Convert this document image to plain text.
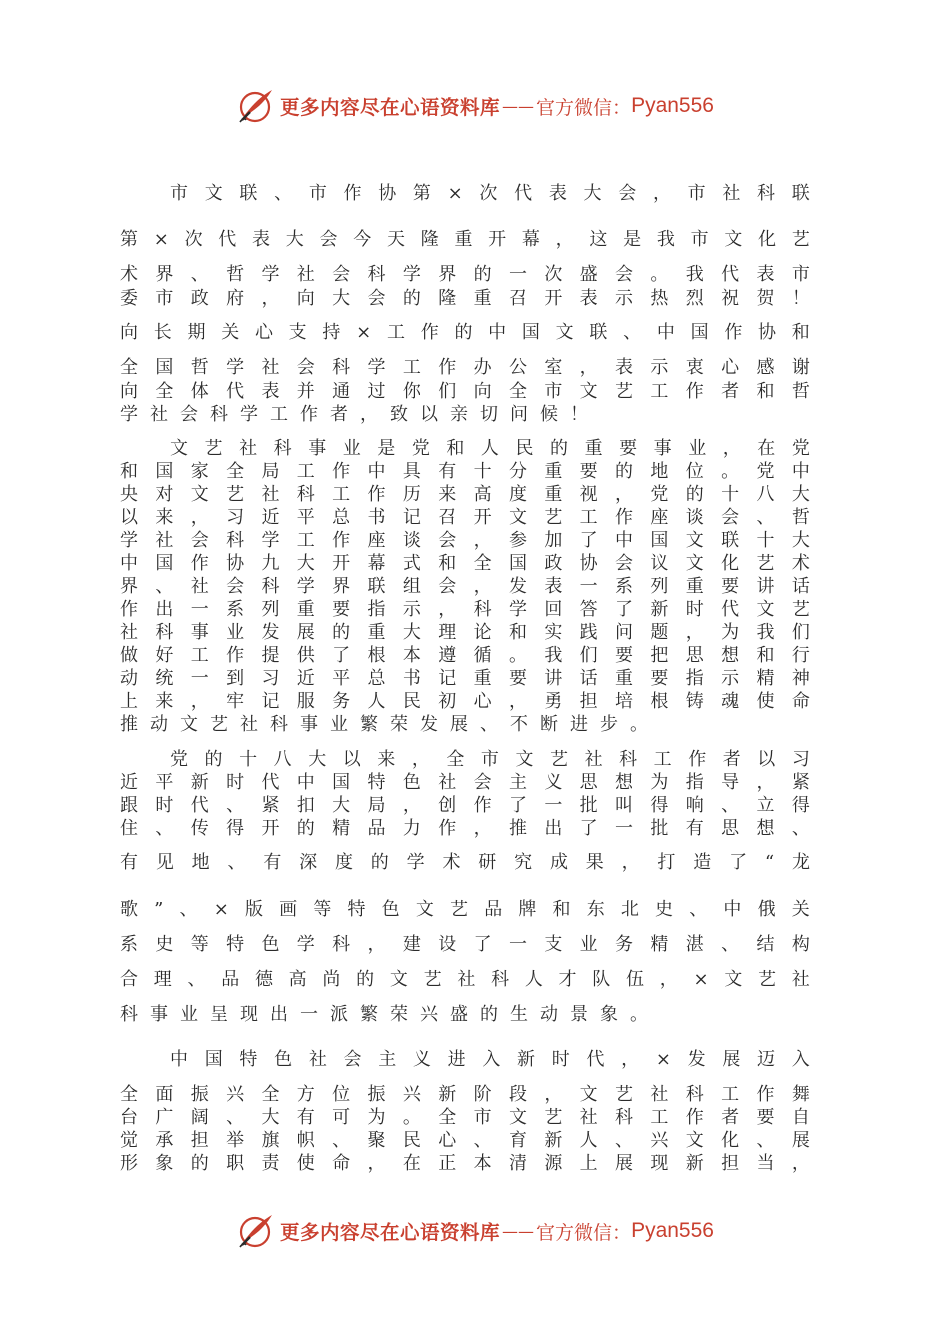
更多内容尽在心语资料库 —— 官方微信： Pyan556
市 文 联 、 市 作 协 第 × 次 代 表 大 会 ， 市 社 科 联
第 × 次 代 表 大 会 今 天 隆 重 开 幕 ， 这 是 我 市 文 化 艺
术 界 、 哲 学 社 会 科 学 界 的 一 次 盛 会 。 我 代 表 市
委 市 政 府 ， 向 大 会 的 隆 重 召 开 表 示 热 烈 祝 贺 ！
向 长 期 关 心 支 持 × 工 作 的 中 国 文 联 、 中 国 作 协 和
全 国 哲 学 社 会 科 学 工 作 办 公 室 ， 表 示 衷 心 感 谢
向 全 体 代 表 并 通 过 你 们 向 全 市 文 艺 工 作 者 和 哲
学社会科学工作者，致以亲切问候！
文 艺 社 科 事 业 是 党 和 人 民 的 重 要 事 业 ， 在 党
和 国 家 全 局 工 作 中 具 有 十 分 重 要 的 地 位 。 党 中
央 对 文 艺 社 科 工 作 历 来 高 度 重 视 ， 党 的 十 八 大
以 来 ， 习 近 平 总 书 记 召 开 文 艺 工 作 座 谈 会 、 哲
学 社 会 科 学 工 作 座 谈 会 ， 参 加 了 中 国 文 联 十 大
中 国 作 协 九 大 开 幕 式 和 全 国 政 协 会 议 文 化 艺 术
界 、 社 会 科 学 界 联 组 会 ， 发 表 一 系 列 重 要 讲 话
作 出 一 系 列 重 要 指 示 ， 科 学 回 答 了 新 时 代 文 艺
社 科 事 业 发 展 的 重 大 理 论 和 实 践 问 题 ， 为 我 们
做 好 工 作 提 供 了 根 本 遵 循 。 我 们 要 把 思 想 和 行
动 统 一 到 习 近 平 总 书 记 重 要 讲 话 重 要 指 示 精 神
上 来 ， 牢 记 服 务 人 民 初 心 ， 勇 担 培 根 铸 魂 使 命
推动文艺社科事业繁荣发展、不断进步。
党 的 十 八 大 以 来 ， 全 市 文 艺 社 科 工 作 者 以 习
近 平 新 时 代 中 国 特 色 社 会 主 义 思 想 为 指 导 ， 紧
跟 时 代 、 紧 扣 大 局 ， 创 作 了 一 批 叫 得 响 、 立 得
住 、 传 得 开 的 精 品 力 作 ， 推 出 了 一 批 有 思 想 、
有 见 地 、 有 深 度 的 学 术 研 究 成 果 ， 打 造 了 “ 龙
歌 ” 、 × 版 画 等 特 色 文 艺 品 牌 和 东 北 史 、 中 俄 关
系 史 等 特 色 学 科 ， 建 设 了 一 支 业 务 精 湛 、 结 构
合 理 、 品 德 高 尚 的 文 艺 社 科 人 才 队 伍 ， × 文 艺 社
科事业呈现出一派繁荣兴盛的生动景象。
中 国 特 色 社 会 主 义 进 入 新 时 代 ， × 发 展 迈 入
全 面 振 兴 全 方 位 振 兴 新 阶 段 ， 文 艺 社 科 工 作 舞
台 广 阔 、 大 有 可 为 。 全 市 文 艺 社 科 工 作 者 要 自
觉 承 担 举 旗 帜 、 聚 民 心 、 育 新 人 、 兴 文 化 、 展
形 象 的 职 责 使 命 ， 在 正 本 清 源 上 展 现 新 担 当 ，
更多内容尽在心语资料库 —— 官方微信： Pyan556
